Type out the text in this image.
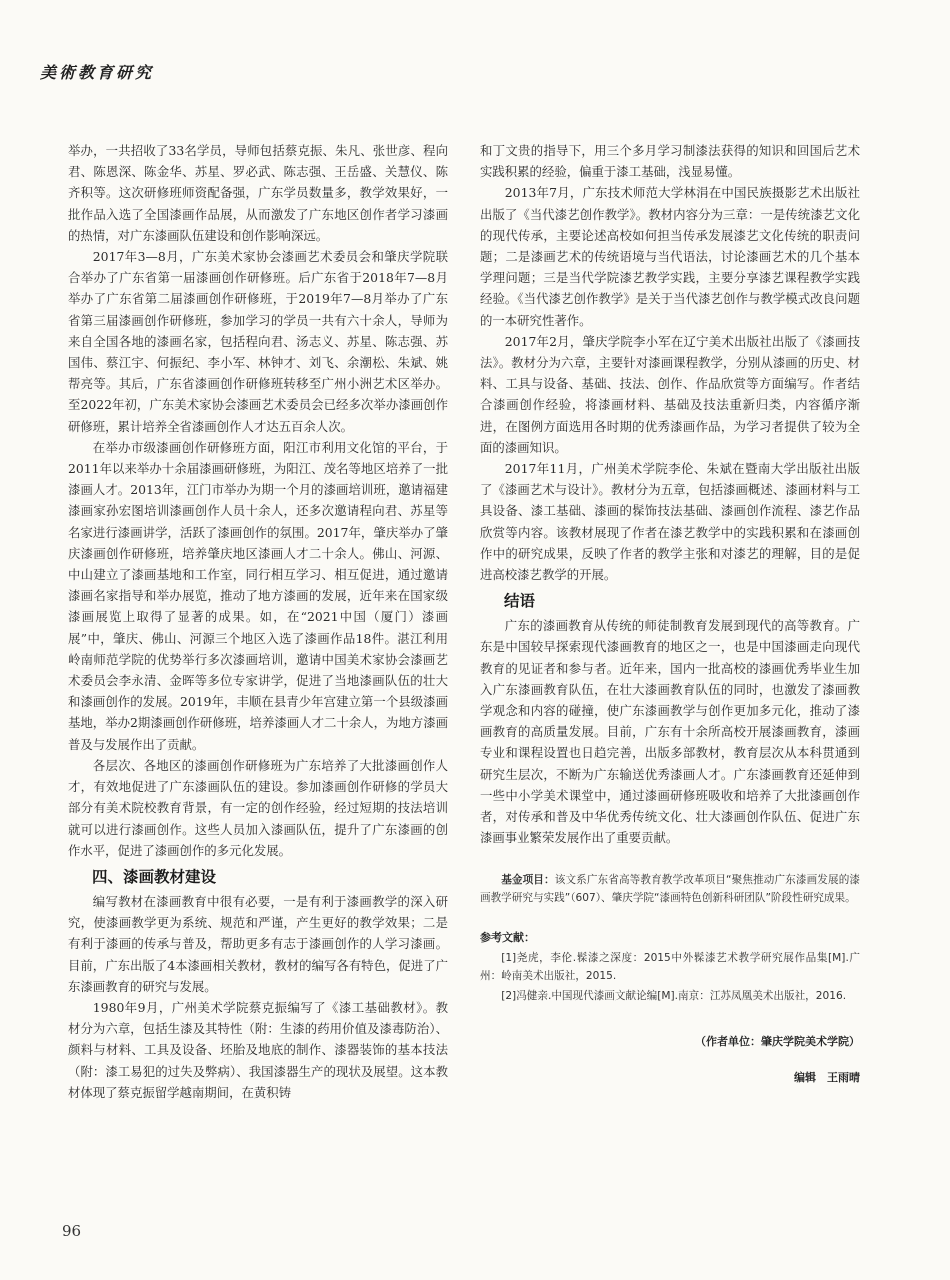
美術教育研究

举办，一共招收了33名学员，导师包括蔡克振、朱凡、张世彦、程向君、陈恩深、陈金华、苏星、罗必武、陈志强、王岳盛、关慧仪、陈齐积等。这次研修班师资配备强，广东学员数量多，教学效果好，一批作品入选了全国漆画作品展，从而激发了广东地区创作者学习漆画的热情，对广东漆画队伍建设和创作影响深远。

2017年3—8月，广东美术家协会漆画艺术委员会和肇庆学院联合举办了广东省第一届漆画创作研修班。后广东省于2018年7—8月举办了广东省第二届漆画创作研修班，于2019年7—8月举办了广东省第三届漆画创作研修班，参加学习的学员一共有六十余人，导师为来自全国各地的漆画名家，包括程向君、汤志义、苏星、陈志强、苏国伟、蔡江宇、何振纪、李小军、林钟才、刘飞、余潮松、朱斌、姚帮亮等。其后，广东省漆画创作研修班转移至广州小洲艺术区举办。至2022年初，广东美术家协会漆画艺术委员会已经多次举办漆画创作研修班，累计培养全省漆画创作人才达五百余人次。

在举办市级漆画创作研修班方面，阳江市利用文化馆的平台，于2011年以来举办十余届漆画研修班，为阳江、茂名等地区培养了一批漆画人才。2013年，江门市举办为期一个月的漆画培训班，邀请福建漆画家孙宏图培训漆画创作人员十余人，还多次邀请程向君、苏星等名家进行漆画讲学，活跃了漆画创作的氛围。2017年，肇庆举办了肇庆漆画创作研修班，培养肇庆地区漆画人才二十余人。佛山、河源、中山建立了漆画基地和工作室，同行相互学习、相互促进，通过邀请漆画名家指导和举办展览，推动了地方漆画的发展，近年来在国家级漆画展览上取得了显著的成果。如，在“2021中国（厦门）漆画展”中，肇庆、佛山、河源三个地区入选了漆画作品18件。湛江利用岭南师范学院的优势举行多次漆画培训，邀请中国美术家协会漆画艺术委员会李永清、金晖等多位专家讲学，促进了当地漆画队伍的壮大和漆画创作的发展。2019年，丰顺在县青少年宫建立第一个县级漆画基地，举办2期漆画创作研修班，培养漆画人才二十余人，为地方漆画普及与发展作出了贡献。

各层次、各地区的漆画创作研修班为广东培养了大批漆画创作人才，有效地促进了广东漆画队伍的建设。参加漆画创作研修的学员大部分有美术院校教育背景，有一定的创作经验，经过短期的技法培训就可以进行漆画创作。这些人员加入漆画队伍，提升了广东漆画的创作水平，促进了漆画创作的多元化发展。

四、漆画教材建设

编写教材在漆画教育中很有必要，一是有利于漆画教学的深入研究，使漆画教学更为系统、规范和严谨，产生更好的教学效果；二是有利于漆画的传承与普及，帮助更多有志于漆画创作的人学习漆画。目前，广东出版了4本漆画相关教材，教材的编写各有特色，促进了广东漆画教育的研究与发展。

1980年9月，广州美术学院蔡克振编写了《漆工基础教材》。教材分为六章，包括生漆及其特性（附：生漆的药用价值及漆毒防治）、颜料与材料、工具及设备、坯胎及地底的制作、漆器装饰的基本技法（附：漆工易犯的过失及弊病）、我国漆器生产的现状及展望。这本教材体现了蔡克振留学越南期间，在黄积铸

和丁文贵的指导下，用三个多月学习制漆法获得的知识和回国后艺术实践积累的经验，偏重于漆工基础，浅显易懂。

2013年7月，广东技术师范大学林涓在中国民族摄影艺术出版社出版了《当代漆艺创作教学》。教材内容分为三章：一是传统漆艺文化的现代传承，主要论述高校如何担当传承发展漆艺文化传统的职责问题；二是漆画艺术的传统语境与当代语法，讨论漆画艺术的几个基本学理问题；三是当代学院漆艺教学实践，主要分享漆艺课程教学实践经验。《当代漆艺创作教学》是关于当代漆艺创作与教学模式改良问题的一本研究性著作。

2017年2月，肇庆学院李小军在辽宁美术出版社出版了《漆画技法》。教材分为六章，主要针对漆画课程教学，分别从漆画的历史、材料、工具与设备、基础、技法、创作、作品欣赏等方面编写。作者结合漆画创作经验，将漆画材料、基础及技法重新归类，内容循序渐进，在图例方面选用各时期的优秀漆画作品，为学习者提供了较为全面的漆画知识。

2017年11月，广州美术学院李伦、朱斌在暨南大学出版社出版了《漆画艺术与设计》。教材分为五章，包括漆画概述、漆画材料与工具设备、漆工基础、漆画的髹饰技法基础、漆画创作流程、漆艺作品欣赏等内容。该教材展现了作者在漆艺教学中的实践积累和在漆画创作中的研究成果，反映了作者的教学主张和对漆艺的理解，目的是促进高校漆艺教学的开展。

结语

广东的漆画教育从传统的师徒制教育发展到现代的高等教育。广东是中国较早探索现代漆画教育的地区之一，也是中国漆画走向现代教育的见证者和参与者。近年来，国内一批高校的漆画优秀毕业生加入广东漆画教育队伍，在壮大漆画教育队伍的同时，也激发了漆画教学观念和内容的碰撞，使广东漆画教学与创作更加多元化，推动了漆画教育的高质量发展。目前，广东有十余所高校开展漆画教育，漆画专业和课程设置也日趋完善，出版多部教材，教育层次从本科贯通到研究生层次，不断为广东输送优秀漆画人才。广东漆画教育还延伸到一些中小学美术课堂中，通过漆画研修班吸收和培养了大批漆画创作者，对传承和普及中华优秀传统文化、壮大漆画创作队伍、促进广东漆画事业繁荣发展作出了重要贡献。

基金项目：该文系广东省高等教育教学改革项目“聚焦推动广东漆画发展的漆画教学研究与实践”（607）、肇庆学院“漆画特色创新科研团队”阶段性研究成果。
参考文献：
[1]尧虎，李伦.髹漆之深度：2015中外髹漆艺术教学研究展作品集[M].广州：岭南美术出版社，2015.
[2]冯健亲.中国现代漆画文献论编[M].南京：江苏凤凰美术出版社，2016.
（作者单位：肇庆学院美术学院）
编辑　王雨晴
96
